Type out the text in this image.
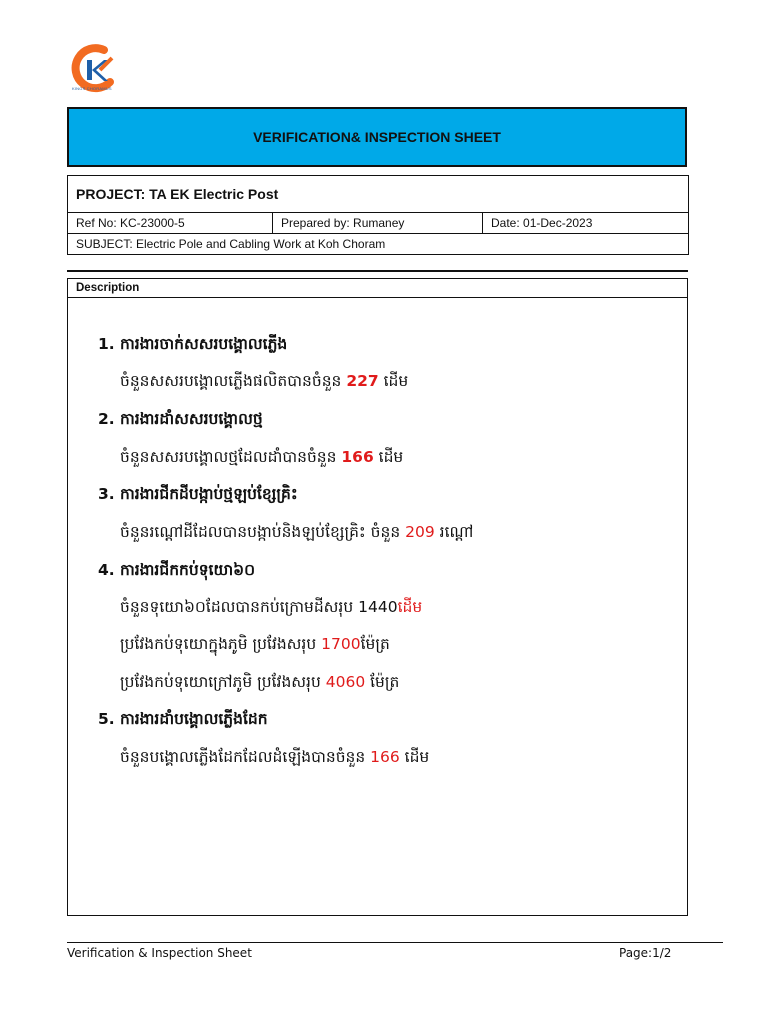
KINGS CHORAMUS
VERIFICATION& INSPECTION SHEET
PROJECT: TA EK Electric Post
Ref No: KC-23000-5	Prepared by: Rumaney	Date: 01-Dec-2023
SUBJECT: Electric Pole and Cabling Work at Koh Choram
Description
1. ការងារចាក់សសរបង្គោលភ្លើង
ចំនួនសសរបង្គោលភ្លើងផលិតបានចំនួន 227 ដើម
2. ការងារដាំសសរបង្គោលថ្ម
ចំនួនសសរបង្គោលថ្មដែលដាំបានចំនួន 166 ដើម
3. ការងារជីកដីបង្កាប់ថ្មឡប់ខ្សែគ្រិះ
ចំនួនរណ្តៅដីដែលបានបង្កាប់និងឡប់ខ្សែគ្រិះ ចំនួន 209 រណ្តៅ
4. ការងារជីកកប់ទុយោ៦០
ចំនួនទុយោ៦០ដែលបានកប់ក្រោមដីសរុប 1440ដើម
ប្រវែងកប់ទុយោក្នុងភូមិ ប្រវែងសរុប 1700ម៉ែត្រ
ប្រវែងកប់ទុយោក្រៅភូមិ ប្រវែងសរុប 4060 ម៉ែត្រ
5. ការងារដាំបង្គោលភ្លើងដែក
ចំនួនបង្គោលភ្លើងដែកដែលដំឡើងបានចំនួន 166 ដើម
Verification & Inspection Sheet	Page:1/2
